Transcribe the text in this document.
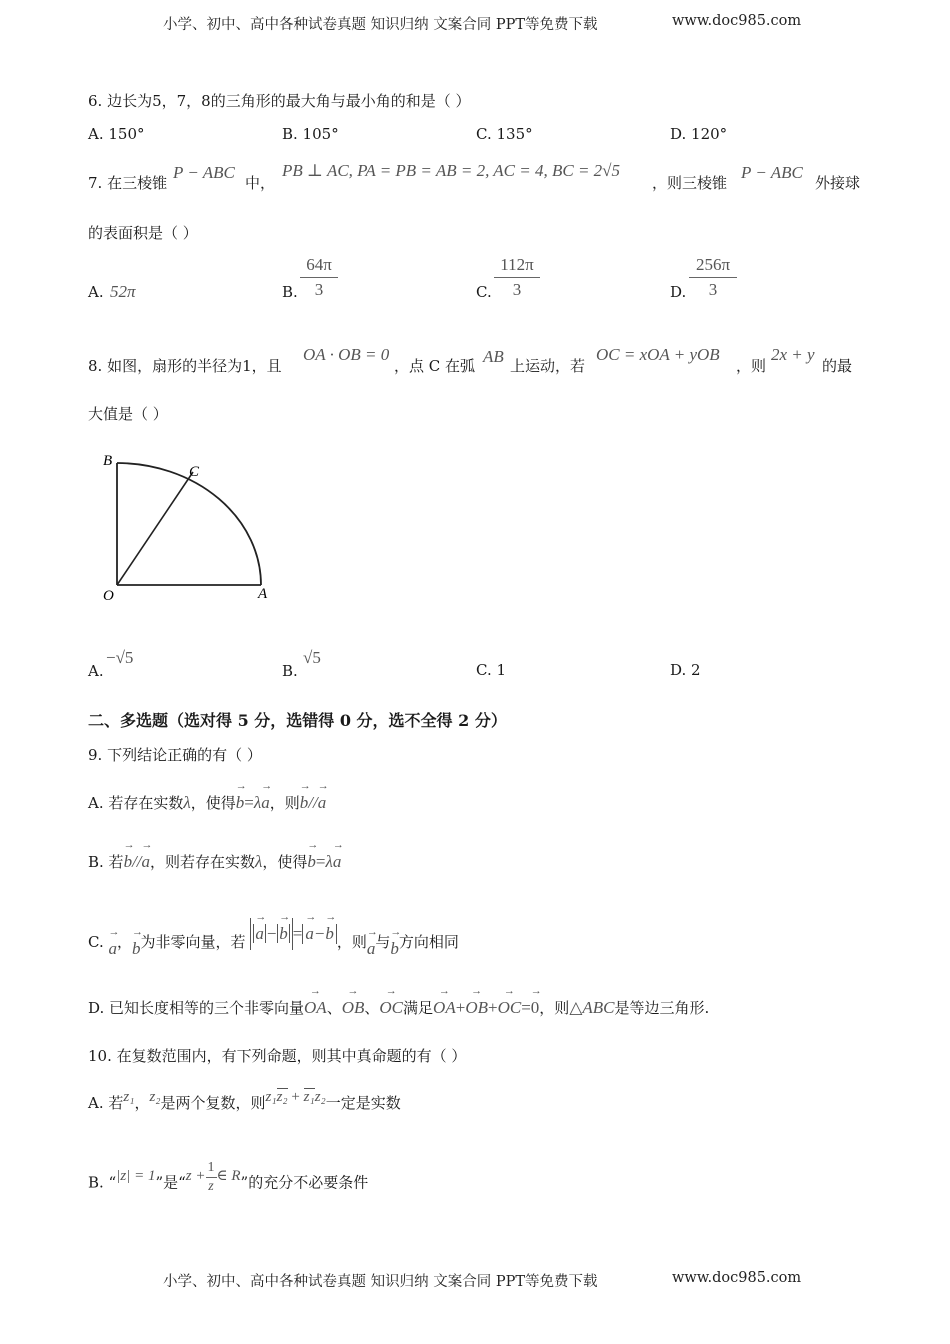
小学、初中、高中各种试卷真题 知识归纳 文案合同 PPT等免费下载	www.doc985.com
6. 边长为5，7，8的三角形的最大角与最小角的和是（ ）
A. 150°	B. 105°	C. 135°	D. 120°
7. 在三棱锥
P − ABC
中，
PB ⊥ AC, PA = PB = AB = 2, AC = 4, BC = 2√5
，则三棱锥
P − ABC
外接球
的表面积是（ ）
A. 52π	B. $\frac{64\pi}{3}$	C. $\frac{112\pi}{3}$	D. $\frac{256\pi}{3}$
8. 如图，扇形的半径为1，且
OA · OB = 0
，点 C 在弧 AB 上运动，若
OC = xOA + yOB
，则
2x + y
的最
大值是（ ）
B
C
O	A
A.
−√5
B.
√5
C. 1	D. 2
二、多选题（选对得 5 分，选错得 0 分，选不全得 2 分）
9. 下列结论正确的有（ ）
A. 若存在实数λ，使得→ b=λ→ a，则→ b//→ a
B. 若→ b//→ a，则若存在实数λ，使得→ b=λ→ a
C. → a，→ b为非零向量，若 → a − → b = → a−→ b ，则→ a与→ b方向相同
D. 已知长度相等的三个非零向量→ OA、→ OB、→ OC满足→ OA+→ OB+→ OC=→ 0，则△ABC是等边三角形.
10. 在复数范围内，有下列命题，则其中真命题的有（ ）
A. 若z₁，z₂是两个复数，则z₁z₂ + z₁z₂一定是实数
B. “|z| = 1”是“$z + \frac{1}{z}$ ∈ R”的充分不必要条件
小学、初中、高中各种试卷真题 知识归纳 文案合同 PPT等免费下载	www.doc985.com
